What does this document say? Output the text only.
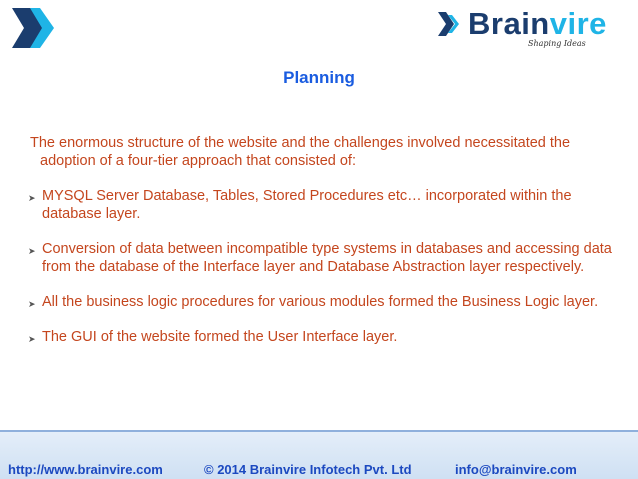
Brainvire
Shaping Ideas
Planning

The enormous structure of the website and the challenges involved necessitated the adoption of a four-tier approach that consisted of:

➤ MYSQL Server Database, Tables, Stored Procedures etc… incorporated within the database layer.
➤ Conversion of data between incompatible type systems in databases and accessing data from the database of the Interface layer and Database Abstraction layer respectively.
➤ All the business logic procedures for various modules formed the Business Logic layer.
➤ The GUI of the website formed the User Interface layer.
http://www.brainvire.com	© 2014 Brainvire Infotech Pvt. Ltd	info@brainvire.com
